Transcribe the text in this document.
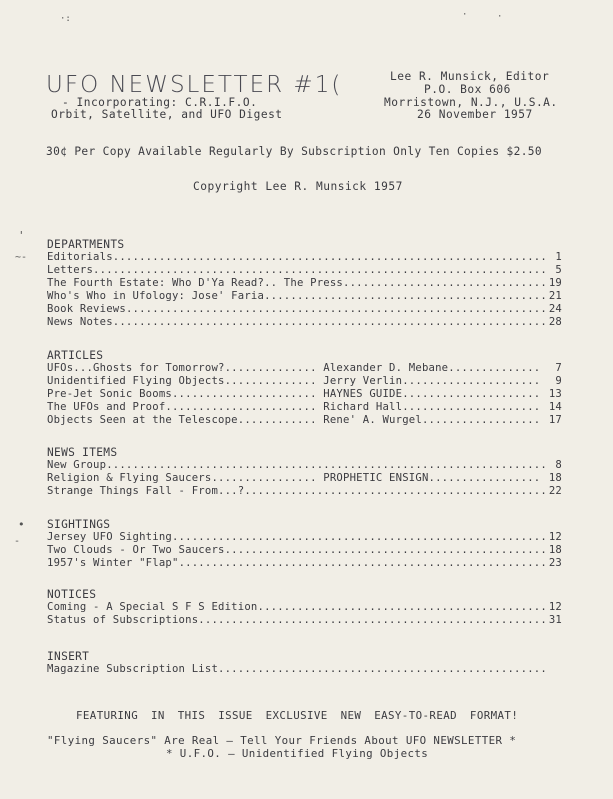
·:	·	·
UFO NEWSLETTER #1(
- Incorporating: C.R.I.F.O.
Orbit, Satellite, and UFO Digest
Lee R. Munsick, Editor
P.O. Box 606
Morristown, N.J., U.S.A.
26 November 1957
30¢ Per Copy Available Regularly By Subscription Only Ten Copies $2.50
Copyright Lee R. Munsick 1957
'
~-
•
-
DEPARTMENTS
Editorials.................................................................. 1
Letters..................................................................... 5
The Fourth Estate: Who D'Ya Read?.. The Press............................... 19
Who's Who in Ufology: Jose' Faria........................................... 21
Book Reviews................................................................ 24
News Notes.................................................................. 28
ARTICLES
UFOs...Ghosts for Tomorrow?.............. Alexander D. Mebane.............. 7
Unidentified Flying Objects.............. Jerry Verlin..................... 9
Pre-Jet Sonic Booms...................... HAYNES GUIDE..................... 13
The UFOs and Proof....................... Richard Hall..................... 14
Objects Seen at the Telescope............ Rene' A. Wurgel.................. 17
NEWS ITEMS
New Group................................................................... 8
Religion & Flying Saucers................ PROPHETIC ENSIGN................. 18
Strange Things Fall - From...?.............................................. 22
SIGHTINGS
Jersey UFO Sighting......................................................... 12
Two Clouds - Or Two Saucers................................................. 18
1957's Winter "Flap"........................................................ 23
NOTICES
Coming - A Special S F S Edition............................................ 12
Status of Subscriptions..................................................... 31
INSERT
Magazine Subscription List..................................................
FEATURING IN THIS ISSUE EXCLUSIVE NEW EASY-TO-READ FORMAT!
"Flying Saucers" Are Real — Tell Your Friends About UFO NEWSLETTER *
* U.F.O. — Unidentified Flying Objects
